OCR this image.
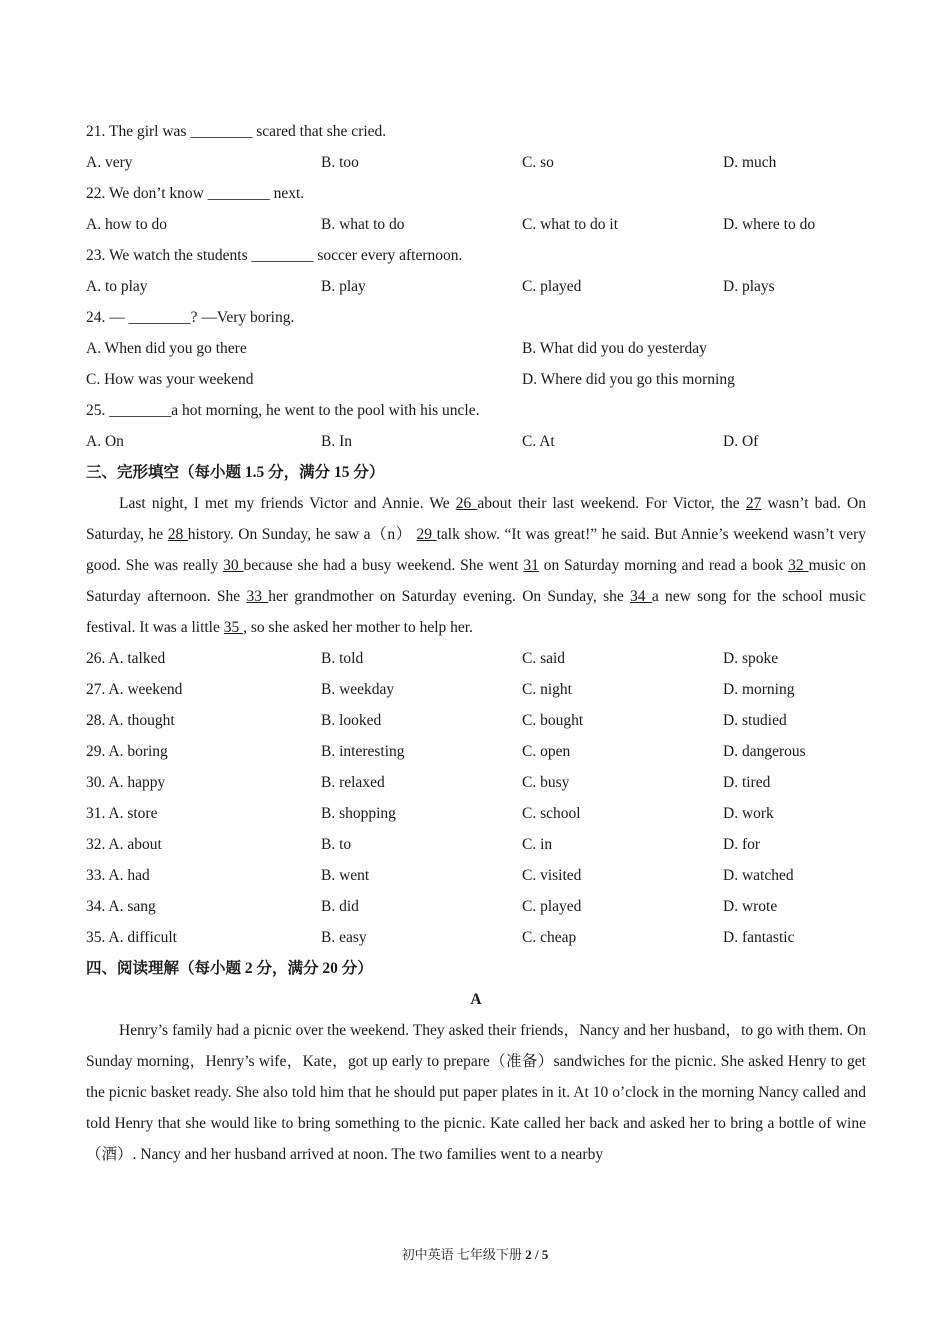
21. The girl was ________ scared that she cried.
A. very	B. too	C. so	D. much
22. We don’t know ________ next.
A. how to do	B. what to do	C. what to do it	D. where to do
23. We watch the students ________ soccer every afternoon.
A. to play	B. play	C. played	D. plays
24. — ________? —Very boring.
A. When did you go there	B. What did you do yesterday
C. How was your weekend	D. Where did you go this morning
25. ________a hot morning, he went to the pool with his uncle.
A. On	B. In	C. At	D. Of
三、完形填空（每小题 1.5 分，满分 15 分）
Last night, I met my friends Victor and Annie. We 26 about their last weekend. For Victor, the 27 wasn’t bad. On Saturday, he 28 history. On Sunday, he saw a（n） 29 talk show. “It was great!” he said. But Annie’s weekend wasn’t very good. She was really 30 because she had a busy weekend. She went 31 on Saturday morning and read a book 32 music on Saturday afternoon. She 33 her grandmother on Saturday evening. On Sunday, she 34 a new song for the school music festival. It was a little 35 , so she asked her mother to help her.
26. A. talked	B. told	C. said	D. spoke
27. A. weekend	B. weekday	C. night	D. morning
28. A. thought	B. looked	C. bought	D. studied
29. A. boring	B. interesting	C. open	D. dangerous
30. A. happy	B. relaxed	C. busy	D. tired
31. A. store	B. shopping	C. school	D. work
32. A. about	B. to	C. in	D. for
33. A. had	B. went	C. visited	D. watched
34. A. sang	B. did	C. played	D. wrote
35. A. difficult	B. easy	C. cheap	D. fantastic
四、阅读理解（每小题 2 分，满分 20 分）
A
Henry’s family had a picnic over the weekend. They asked their friends，Nancy and her husband，to go with them. On Sunday morning，Henry’s wife，Kate，got up early to prepare（准备）sandwiches for the picnic. She asked Henry to get the picnic basket ready. She also told him that he should put paper plates in it. At 10 o’clock in the morning Nancy called and told Henry that she would like to bring something to the picnic. Kate called her back and asked her to bring a bottle of wine（酒）. Nancy and her husband arrived at noon. The two families went to a nearby
初中英语 七年级下册 2 / 5
